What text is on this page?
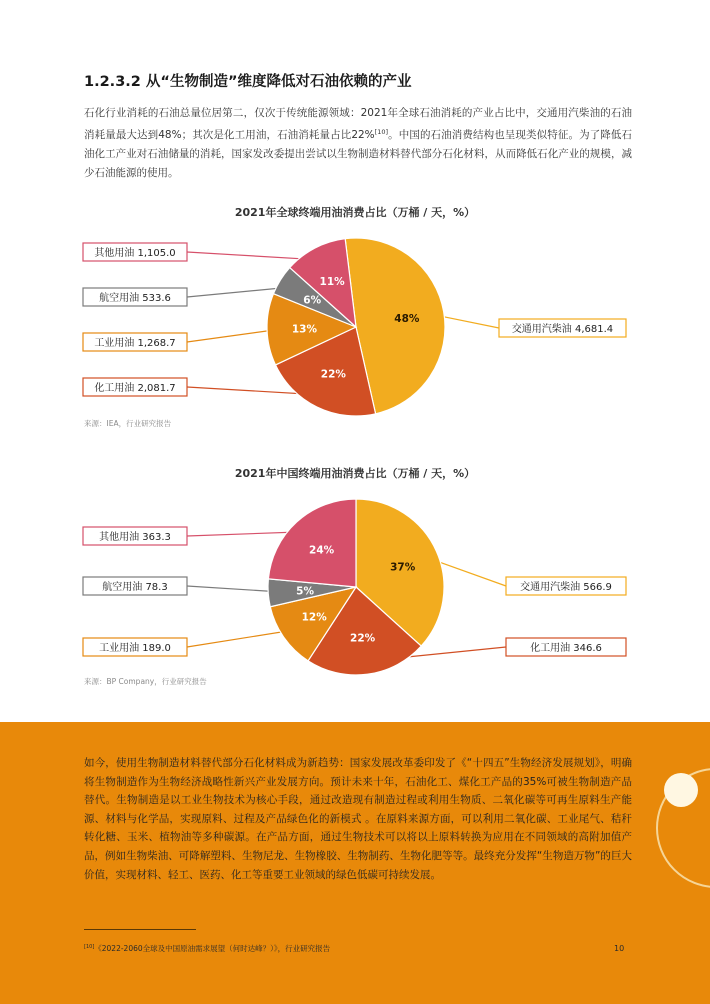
1.2.3.2 从“生物制造”维度降低对石油依赖的产业

石化行业消耗的石油总量位居第二，仅次于传统能源领域：2021年全球石油消耗的产业占比中，交通用汽柴油的石油消耗量最大达到48%；其次是化工用油，石油消耗量占比22%[10]。中国的石油消费结构也呈现类似特征。为了降低石油化工产业对石油储量的消耗，国家发改委提出尝试以生物制造材料替代部分石化材料，从而降低石化产业的规模，减少石油能源的使用。

2021年全球终端用油消费占比（万桶 / 天，%）
48%
22%
13%
6%
11%
交通用汽柴油 4,681.4
化工用油 2,081.7
工业用油 1,268.7
航空用油 533.6
其他用油 1,105.0
来源：IEA，行业研究报告
2021年中国终端用油消费占比（万桶 / 天，%）
37%
22%
12%
5%
24%
交通用汽柴油 566.9
化工用油 346.6
工业用油 189.0
航空用油 78.3
其他用油 363.3
来源：BP Company，行业研究报告

如今，使用生物制造材料替代部分石化材料成为新趋势：国家发展改革委印发了《“十四五”生物经济发展规划》，明确将生物制造作为生物经济战略性新兴产业发展方向。预计未来十年，石油化工、煤化工产品的35%可被生物制造产品替代。生物制造是以工业生物技术为核心手段，通过改造现有制造过程或利用生物质、二氧化碳等可再生原料生产能源、材料与化学品，实现原料、过程及产品绿色化的新模式 。在原料来源方面，可以利用二氧化碳、工业尾气、秸秆转化糖、玉米、植物油等多种碳源。在产品方面，通过生物技术可以将以上原料转换为应用在不同领域的高附加值产品，例如生物柴油、可降解塑料、生物尼龙、生物橡胶、生物制药、生物化肥等等。最终充分发挥“生物造万物”的巨大价值，实现材料、轻工、医药、化工等重要工业领域的绿色低碳可持续发展。

[10]《2022-2060全球及中国原油需求展望（何时达峰？）》，行业研究报告	10
